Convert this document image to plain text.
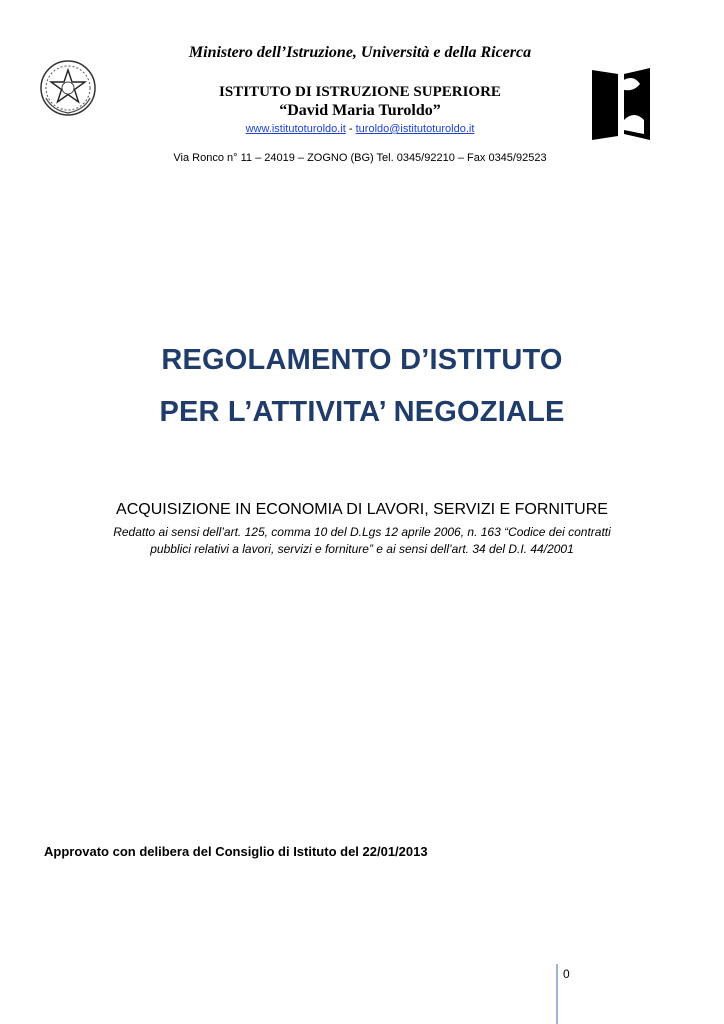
Ministero dell’Istruzione, Università e della Ricerca
ISTITUTO DI ISTRUZIONE SUPERIORE
“David Maria Turoldo”
www.istitutoturoldo.it - turoldo@istitutoturoldo.it
Via Ronco n° 11 – 24019 – ZOGNO (BG) Tel. 0345/92210 – Fax 0345/92523
REGOLAMENTO D’ISTITUTO
PER L’ATTIVITA’ NEGOZIALE
ACQUISIZIONE IN ECONOMIA DI LAVORI, SERVIZI E FORNITURE
Redatto ai sensi dell’art. 125, comma 10 del D.Lgs 12 aprile 2006, n. 163 “Codice dei contratti
pubblici relativi a lavori, servizi e forniture” e ai sensi dell’art. 34 del D.I. 44/2001
Approvato con delibera del Consiglio di Istituto del 22/01/2013
0
